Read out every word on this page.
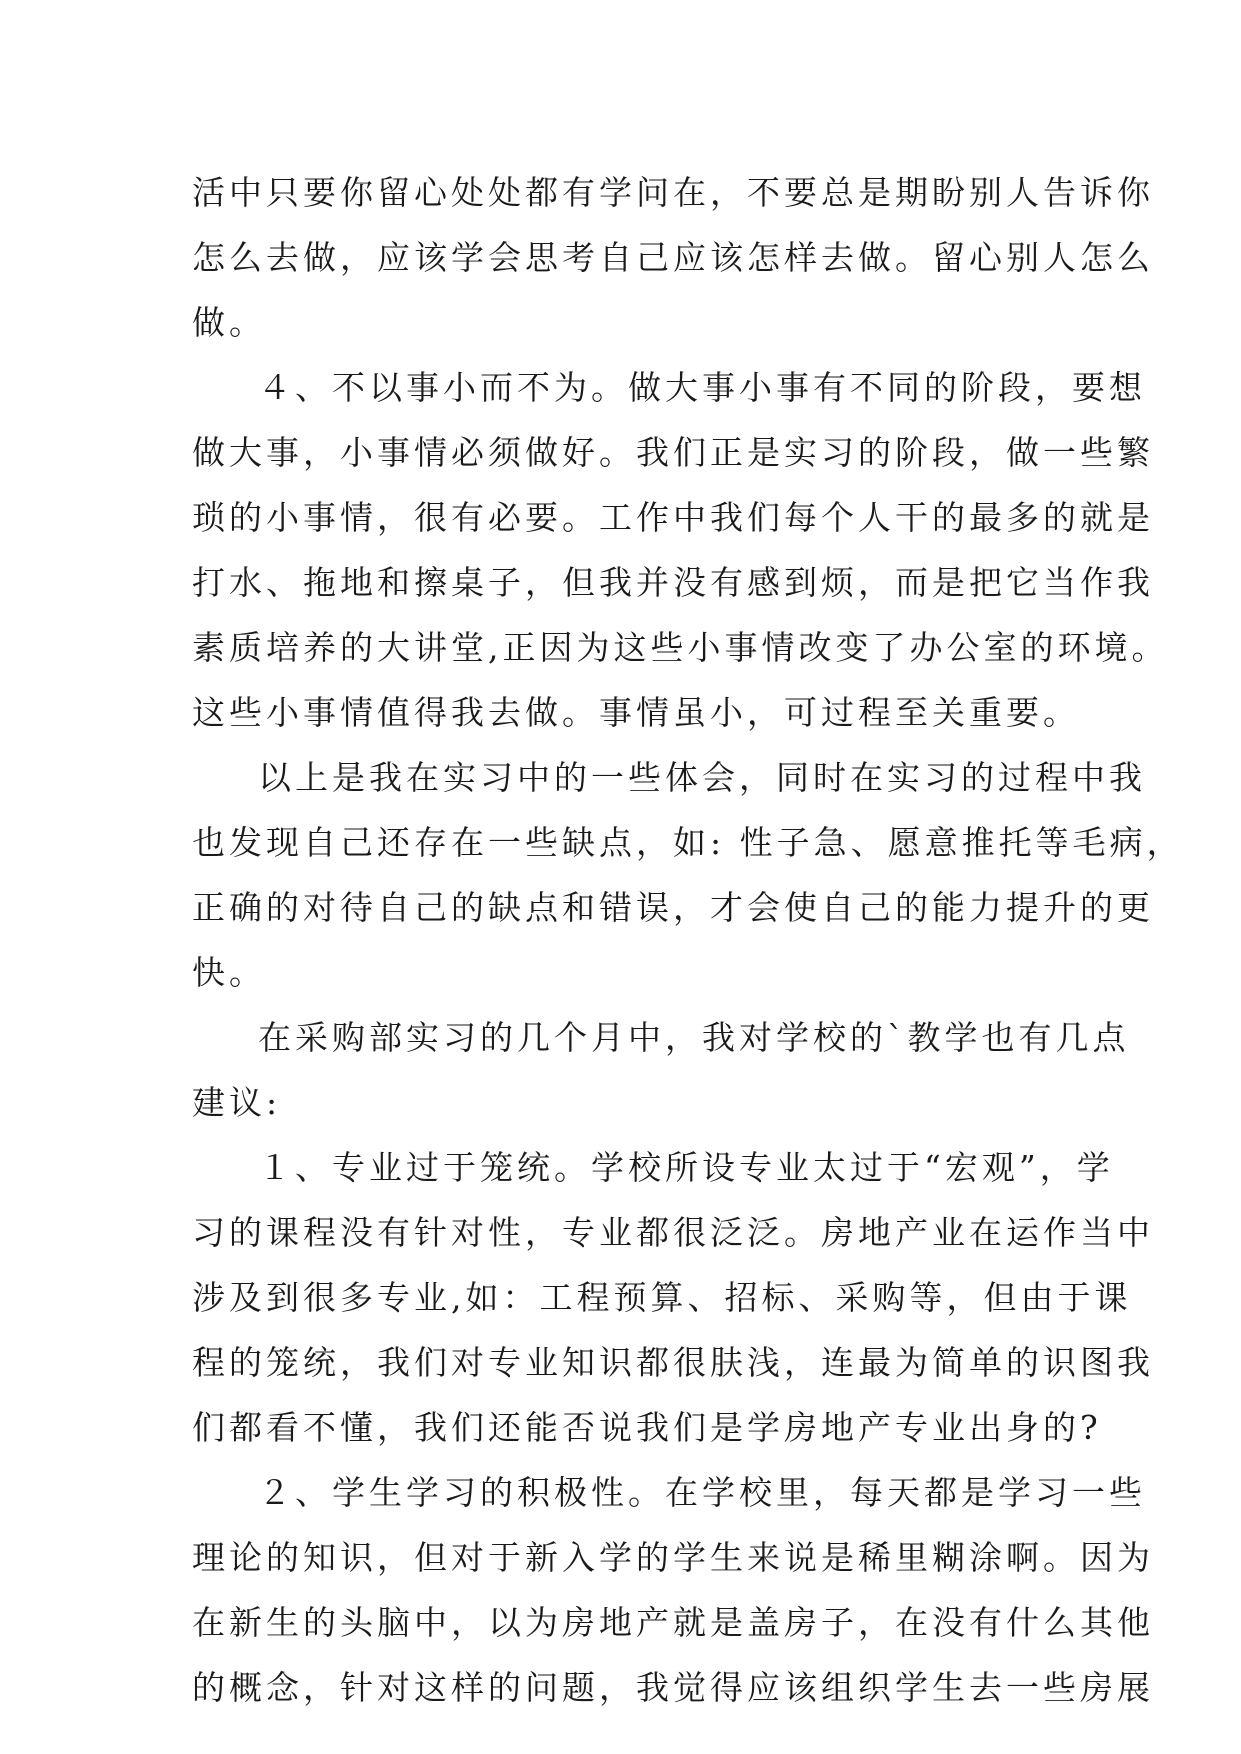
活中只要你留心处处都有学问在，不要总是期盼别人告诉你
怎么去做，应该学会思考自己应该怎样去做。留心别人怎么
做。
４、不以事小而不为。做大事小事有不同的阶段，要想
做大事，小事情必须做好。我们正是实习的阶段，做一些繁
琐的小事情，很有必要。工作中我们每个人干的最多的就是
打水、拖地和擦桌子，但我并没有感到烦，而是把它当作我
素质培养的大讲堂,正因为这些小事情改变了办公室的环境。
这些小事情值得我去做。事情虽小，可过程至关重要。
以上是我在实习中的一些体会，同时在实习的过程中我
也发现自己还存在一些缺点，如: 性子急、愿意推托等毛病，
正确的对待自己的缺点和错误，才会使自己的能力提升的更
快。
在采购部实习的几个月中，我对学校的`教学也有几点
建议:
１、专业过于笼统。学校所设专业太过于“宏观”，学
习的课程没有针对性，专业都很泛泛。房地产业在运作当中
涉及到很多专业,如：工程预算、招标、采购等，但由于课
程的笼统，我们对专业知识都很肤浅，连最为简单的识图我
们都看不懂，我们还能否说我们是学房地产专业出身的?
２、学生学习的积极性。在学校里，每天都是学习一些
理论的知识，但对于新入学的学生来说是稀里糊涂啊。因为
在新生的头脑中，以为房地产就是盖房子，在没有什么其他
的概念，针对这样的问题，我觉得应该组织学生去一些房展
